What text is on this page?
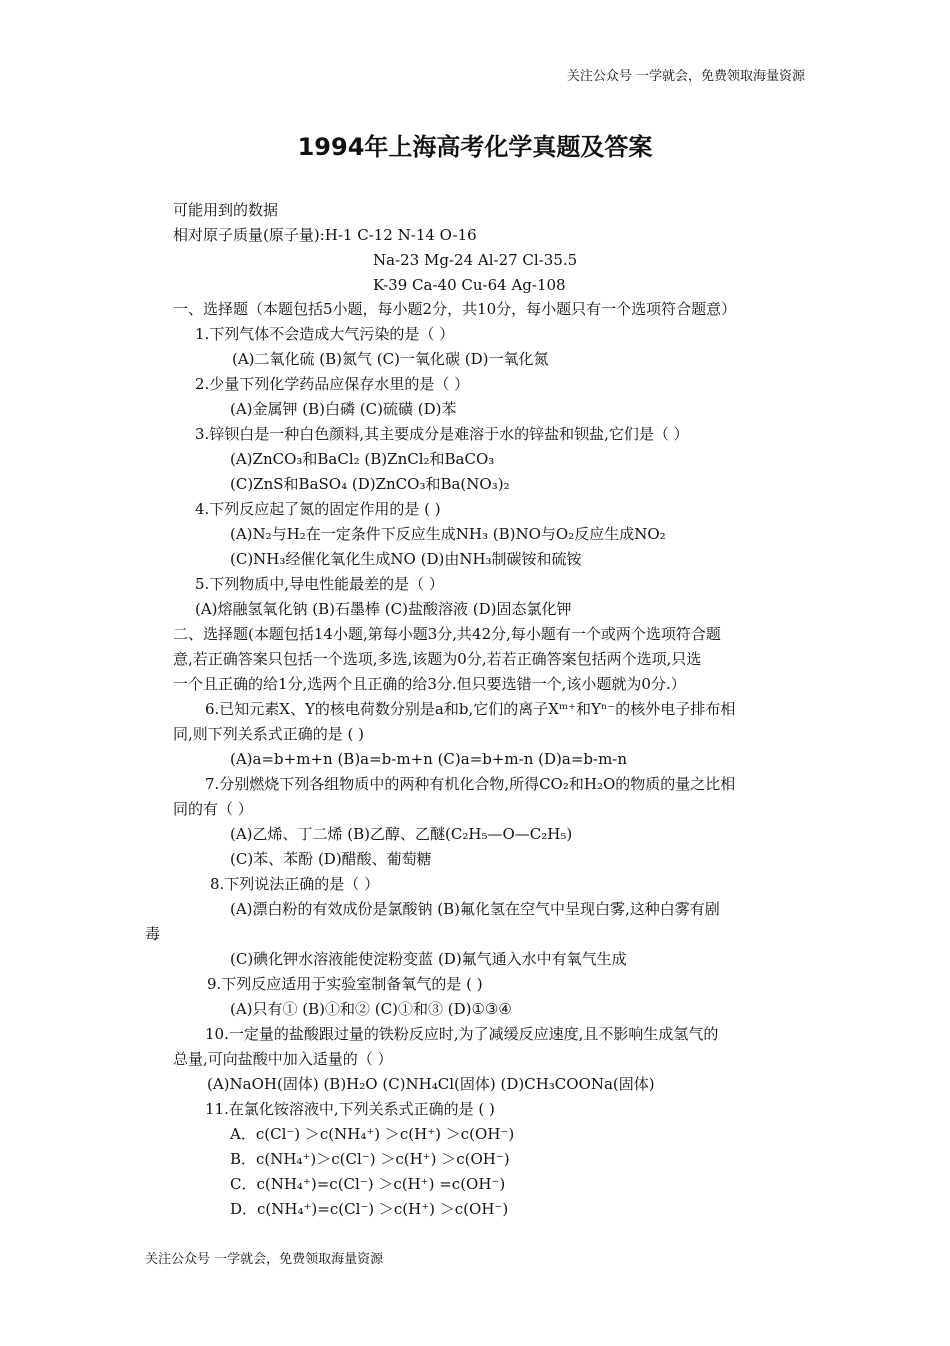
关注公众号 一学就会，免费领取海量资源
1994年上海高考化学真题及答案
可能用到的数据
相对原子质量(原子量):H-1 C-12 N-14 O-16
Na-23 Mg-24 Al-27 Cl-35.5
K-39 Ca-40 Cu-64 Ag-108
一、选择题（本题包括5小题，每小题2分，共10分，每小题只有一个选项符合题意）
1.下列气体不会造成大气污染的是（ ）
(A)二氧化硫 (B)氮气 (C)一氧化碳 (D)一氧化氮
2.少量下列化学药品应保存水里的是（ ）
(A)金属钾 (B)白磷 (C)硫磺 (D)苯
3.锌钡白是一种白色颜料,其主要成分是难溶于水的锌盐和钡盐,它们是（ ）
(A)ZnCO₃和BaCl₂ (B)ZnCl₂和BaCO₃
(C)ZnS和BaSO₄ (D)ZnCO₃和Ba(NO₃)₂
4.下列反应起了氮的固定作用的是 ( )
(A)N₂与H₂在一定条件下反应生成NH₃ (B)NO与O₂反应生成NO₂
(C)NH₃经催化氧化生成NO (D)由NH₃制碳铵和硫铵
5.下列物质中,导电性能最差的是（ ）
(A)熔融氢氧化钠 (B)石墨棒 (C)盐酸溶液 (D)固态氯化钾
二、选择题(本题包括14小题,第每小题3分,共42分,每小题有一个或两个选项符合题
意,若正确答案只包括一个选项,多选,该题为0分,若若正确答案包括两个选项,只选
一个且正确的给1分,选两个且正确的给3分.但只要选错一个,该小题就为0分.）
6.已知元素X、Y的核电荷数分别是a和b,它们的离子Xᵐ⁺和Yⁿ⁻的核外电子排布相
同,则下列关系式正确的是 ( )
(A)a=b+m+n (B)a=b-m+n (C)a=b+m-n (D)a=b-m-n
7.分别燃烧下列各组物质中的两种有机化合物,所得CO₂和H₂O的物质的量之比相
同的有（ ）
(A)乙烯、丁二烯 (B)乙醇、乙醚(C₂H₅—O—C₂H₅)
(C)苯、苯酚 (D)醋酸、葡萄糖
8.下列说法正确的是（ ）
(A)漂白粉的有效成份是氯酸钠 (B)氟化氢在空气中呈现白雾,这种白雾有剧
毒
(C)碘化钾水溶液能使淀粉变蓝 (D)氟气通入水中有氧气生成
9.下列反应适用于实验室制备氧气的是 ( )
(A)只有① (B)①和② (C)①和③ (D)①③④
10.一定量的盐酸跟过量的铁粉反应时,为了减缓反应速度,且不影响生成氢气的
总量,可向盐酸中加入适量的（ ）
(A)NaOH(固体) (B)H₂O (C)NH₄Cl(固体) (D)CH₃COONa(固体)
11.在氯化铵溶液中,下列关系式正确的是 ( )
A．c(Cl⁻) ＞c(NH₄⁺) ＞c(H⁺) ＞c(OH⁻)
B．c(NH₄⁺)＞c(Cl⁻) ＞c(H⁺) ＞c(OH⁻)
C．c(NH₄⁺)=c(Cl⁻) ＞c(H⁺) =c(OH⁻)
D．c(NH₄⁺)=c(Cl⁻) ＞c(H⁺) ＞c(OH⁻)
关注公众号 一学就会，免费领取海量资源
